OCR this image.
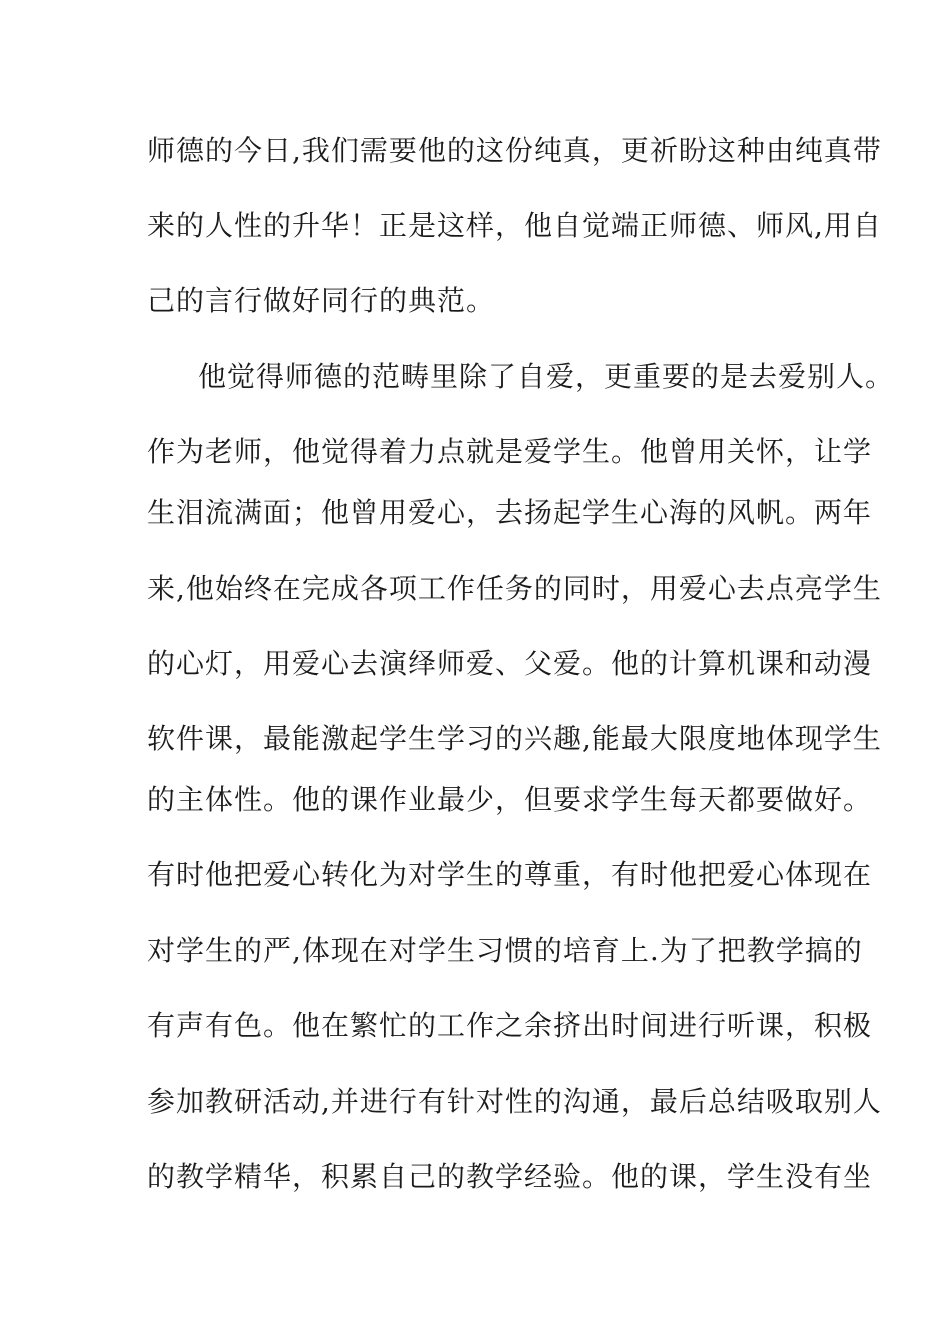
师德的今日,我们需要他的这份纯真，更祈盼这种由纯真带

来的人性的升华！正是这样，他自觉端正师德、师风,用自

己的言行做好同行的典范。

他觉得师德的范畴里除了自爱，更重要的是去爱别人。

作为老师，他觉得着力点就是爱学生。他曾用关怀，让学

生泪流满面；他曾用爱心，去扬起学生心海的风帆。两年

来,他始终在完成各项工作任务的同时，用爱心去点亮学生

的心灯，用爱心去演绎师爱、父爱。他的计算机课和动漫

软件课，最能激起学生学习的兴趣,能最大限度地体现学生

的主体性。他的课作业最少，但要求学生每天都要做好。

有时他把爱心转化为对学生的尊重，有时他把爱心体现在

对学生的严,体现在对学生习惯的培育上.为了把教学搞的

有声有色。他在繁忙的工作之余挤出时间进行听课，积极

参加教研活动,并进行有针对性的沟通，最后总结吸取别人

的教学精华，积累自己的教学经验。他的课，学生没有坐
